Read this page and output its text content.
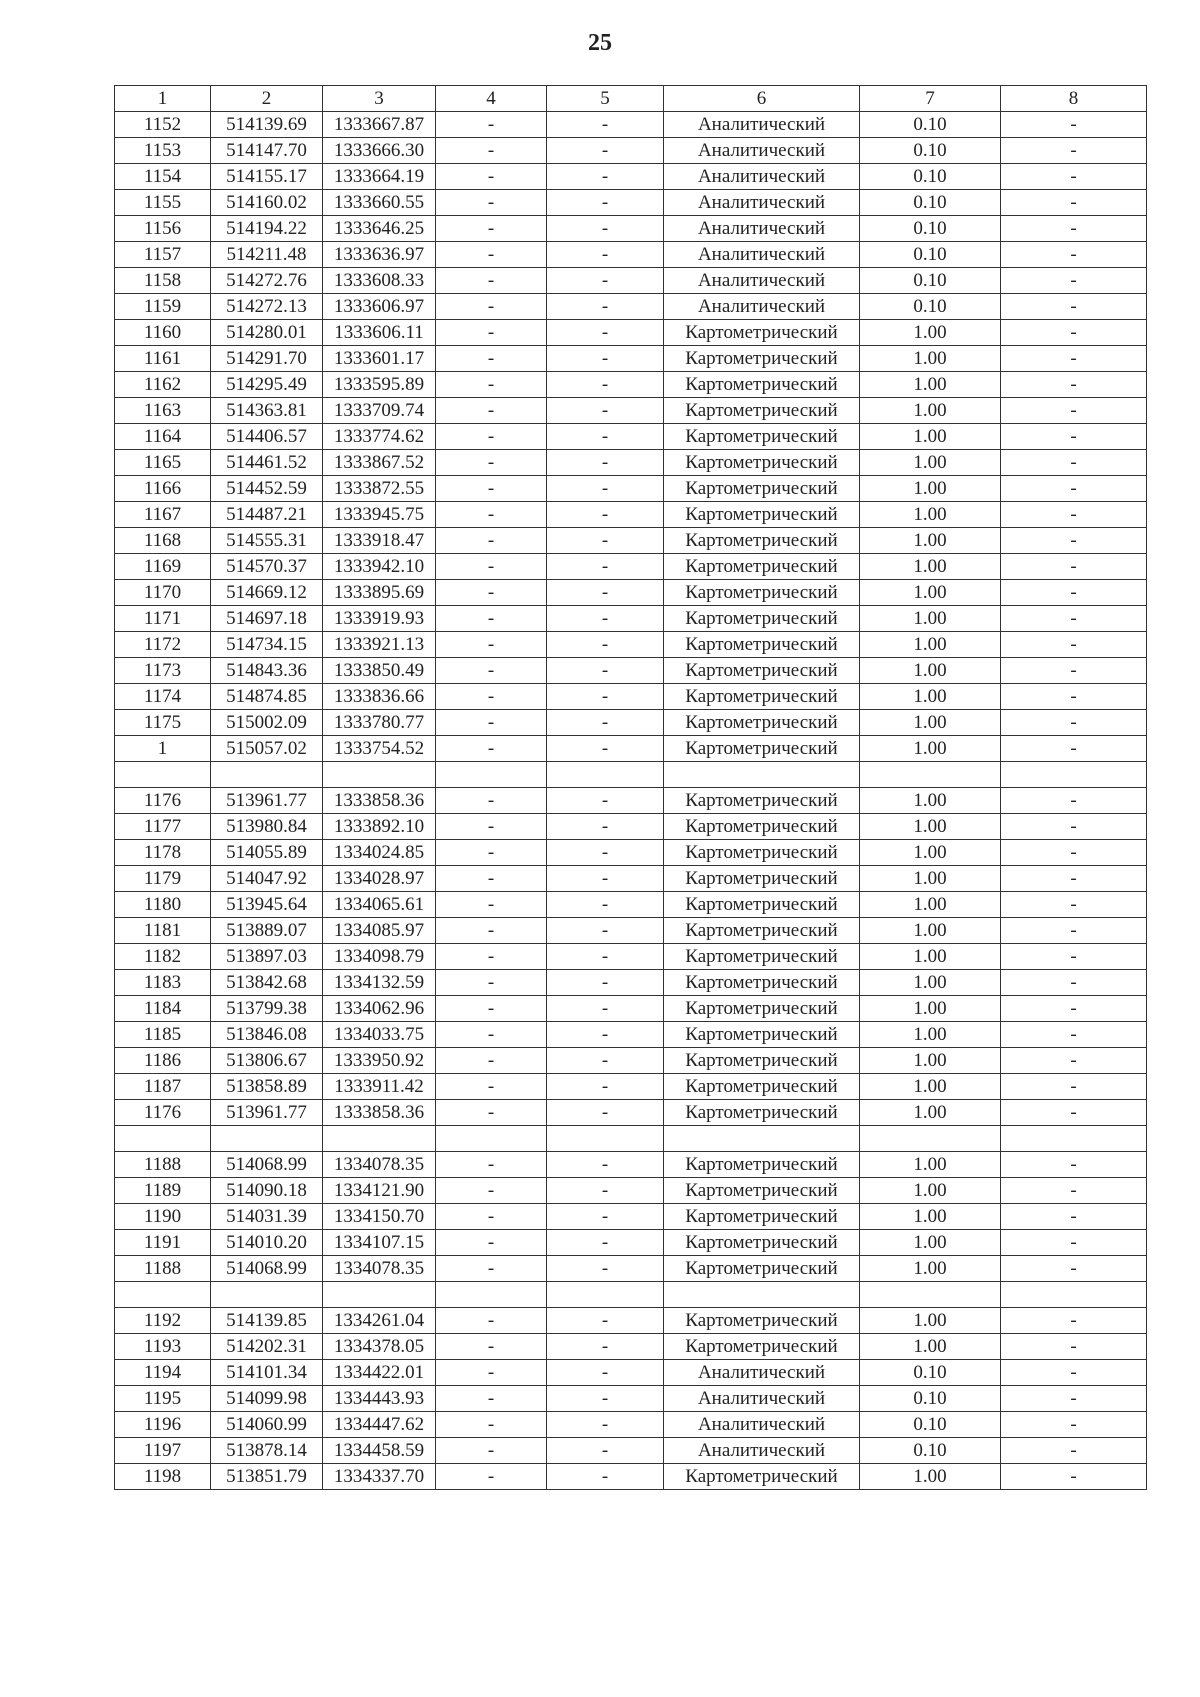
25
1	2	3	4	5	6	7	8
1152	514139.69	1333667.87	-	-	Аналитический	0.10	-
1153	514147.70	1333666.30	-	-	Аналитический	0.10	-
1154	514155.17	1333664.19	-	-	Аналитический	0.10	-
1155	514160.02	1333660.55	-	-	Аналитический	0.10	-
1156	514194.22	1333646.25	-	-	Аналитический	0.10	-
1157	514211.48	1333636.97	-	-	Аналитический	0.10	-
1158	514272.76	1333608.33	-	-	Аналитический	0.10	-
1159	514272.13	1333606.97	-	-	Аналитический	0.10	-
1160	514280.01	1333606.11	-	-	Картометрический	1.00	-
1161	514291.70	1333601.17	-	-	Картометрический	1.00	-
1162	514295.49	1333595.89	-	-	Картометрический	1.00	-
1163	514363.81	1333709.74	-	-	Картометрический	1.00	-
1164	514406.57	1333774.62	-	-	Картометрический	1.00	-
1165	514461.52	1333867.52	-	-	Картометрический	1.00	-
1166	514452.59	1333872.55	-	-	Картометрический	1.00	-
1167	514487.21	1333945.75	-	-	Картометрический	1.00	-
1168	514555.31	1333918.47	-	-	Картометрический	1.00	-
1169	514570.37	1333942.10	-	-	Картометрический	1.00	-
1170	514669.12	1333895.69	-	-	Картометрический	1.00	-
1171	514697.18	1333919.93	-	-	Картометрический	1.00	-
1172	514734.15	1333921.13	-	-	Картометрический	1.00	-
1173	514843.36	1333850.49	-	-	Картометрический	1.00	-
1174	514874.85	1333836.66	-	-	Картометрический	1.00	-
1175	515002.09	1333780.77	-	-	Картометрический	1.00	-
1	515057.02	1333754.52	-	-	Картометрический	1.00	-

1176	513961.77	1333858.36	-	-	Картометрический	1.00	-
1177	513980.84	1333892.10	-	-	Картометрический	1.00	-
1178	514055.89	1334024.85	-	-	Картометрический	1.00	-
1179	514047.92	1334028.97	-	-	Картометрический	1.00	-
1180	513945.64	1334065.61	-	-	Картометрический	1.00	-
1181	513889.07	1334085.97	-	-	Картометрический	1.00	-
1182	513897.03	1334098.79	-	-	Картометрический	1.00	-
1183	513842.68	1334132.59	-	-	Картометрический	1.00	-
1184	513799.38	1334062.96	-	-	Картометрический	1.00	-
1185	513846.08	1334033.75	-	-	Картометрический	1.00	-
1186	513806.67	1333950.92	-	-	Картометрический	1.00	-
1187	513858.89	1333911.42	-	-	Картометрический	1.00	-
1176	513961.77	1333858.36	-	-	Картометрический	1.00	-

1188	514068.99	1334078.35	-	-	Картометрический	1.00	-
1189	514090.18	1334121.90	-	-	Картометрический	1.00	-
1190	514031.39	1334150.70	-	-	Картометрический	1.00	-
1191	514010.20	1334107.15	-	-	Картометрический	1.00	-
1188	514068.99	1334078.35	-	-	Картометрический	1.00	-

1192	514139.85	1334261.04	-	-	Картометрический	1.00	-
1193	514202.31	1334378.05	-	-	Картометрический	1.00	-
1194	514101.34	1334422.01	-	-	Аналитический	0.10	-
1195	514099.98	1334443.93	-	-	Аналитический	0.10	-
1196	514060.99	1334447.62	-	-	Аналитический	0.10	-
1197	513878.14	1334458.59	-	-	Аналитический	0.10	-
1198	513851.79	1334337.70	-	-	Картометрический	1.00	-
